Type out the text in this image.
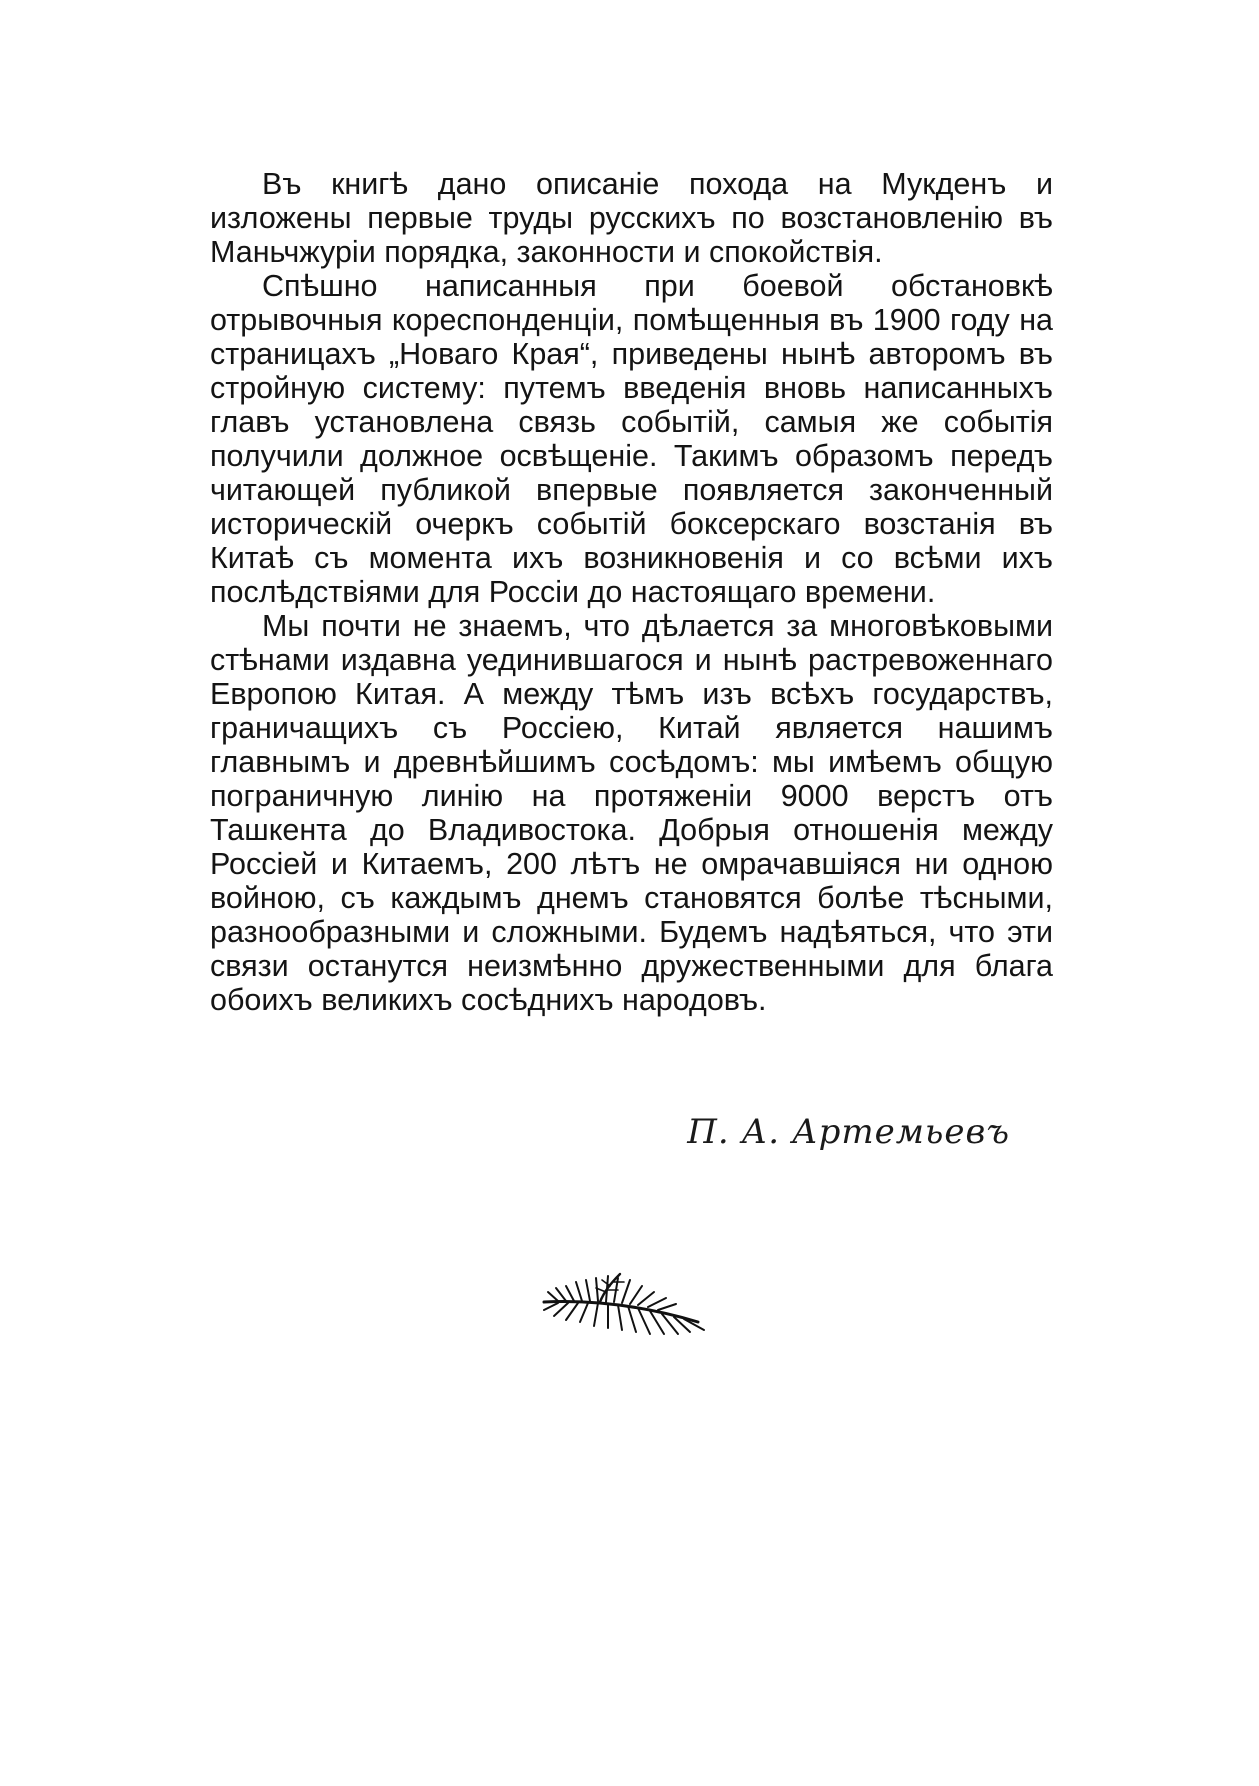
Въ книгѣ дано описаніе похода на Мукденъ и изложены первые труды русскихъ по возстановленію въ Маньчжуріи порядка, законности и спокойствія.

Спѣшно написанныя при боевой обстановкѣ отрывочныя кореспонденціи, помѣщенныя въ 1900 году на страницахъ „Новаго Края“, приведены нынѣ авторомъ въ стройную систему: путемъ введенія вновь написанныхъ главъ установлена связь событій, самыя же событія получили должное освѣщеніе. Такимъ образомъ передъ читающей публикой впервые появляется законченный историческій очеркъ событій боксерскаго возстанія въ Китаѣ съ момента ихъ возникновенія и со всѣми ихъ послѣдствіями для Россіи до настоящаго времени.

Мы почти не знаемъ, что дѣлается за многовѣковыми стѣнами издавна уединившагося и нынѣ растревоженнаго Европою Китая. А между тѣмъ изъ всѣхъ государствъ, граничащихъ съ Россіею, Китай является нашимъ главнымъ и древнѣйшимъ сосѣдомъ: мы имѣемъ общую пограничную линію на протяженіи 9000 верстъ отъ Ташкента до Владивостока. Добрыя отношенія между Россіей и Китаемъ, 200 лѣтъ не омрачавшіяся ни одною войною, съ каждымъ днемъ становятся болѣе тѣсными, разнообразными и сложными. Будемъ надѣяться, что эти связи останутся неизмѣнно дружественными для блага обоихъ великихъ сосѣднихъ народовъ.

П. А. Артемьевъ
